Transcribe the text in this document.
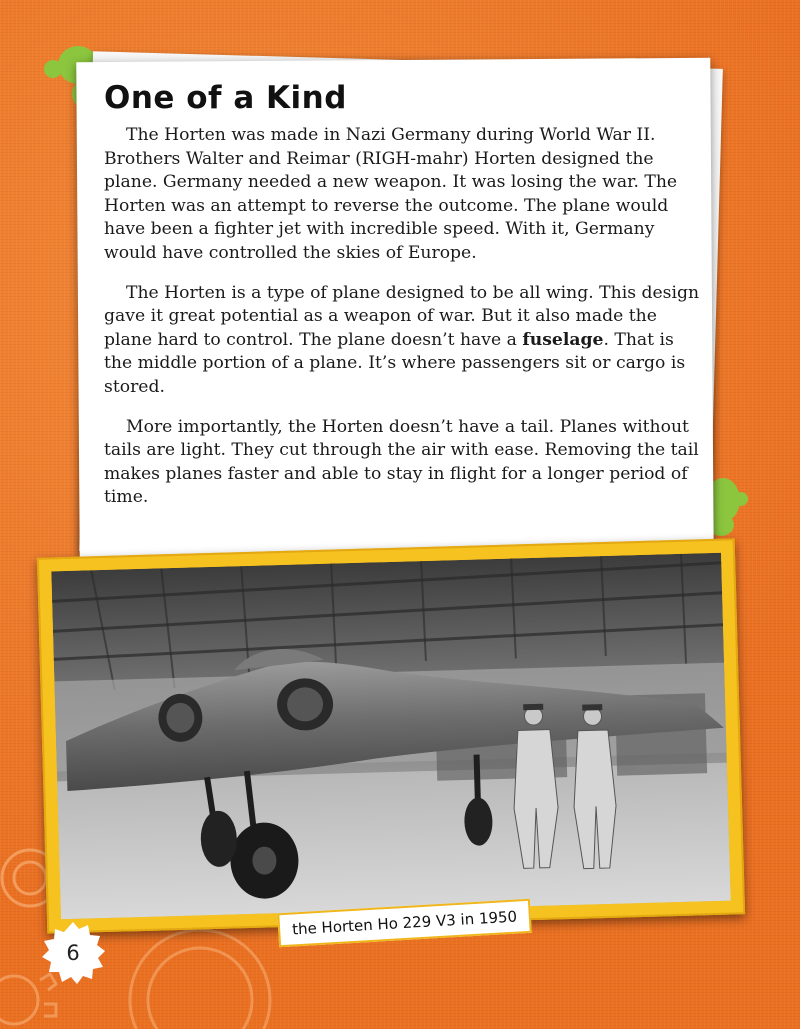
One of a Kind

The Horten was made in Nazi Germany during World War II. Brothers Walter and Reimar (RIGH-mahr) Horten designed the plane. Germany needed a new weapon. It was losing the war. The Horten was an attempt to reverse the outcome. The plane would have been a fighter jet with incredible speed. With it, Germany would have controlled the skies of Europe.

The Horten is a type of plane designed to be all wing. This design gave it great potential as a weapon of war. But it also made the plane hard to control. The plane doesn’t have a fuselage. That is the middle portion of a plane. It’s where passengers sit or cargo is stored.

More importantly, the Horten doesn’t have a tail. Planes without tails are light. They cut through the air with ease. Removing the tail makes planes faster and able to stay in flight for a longer period of time.

the Horten Ho 229 V3 in 1950
6
